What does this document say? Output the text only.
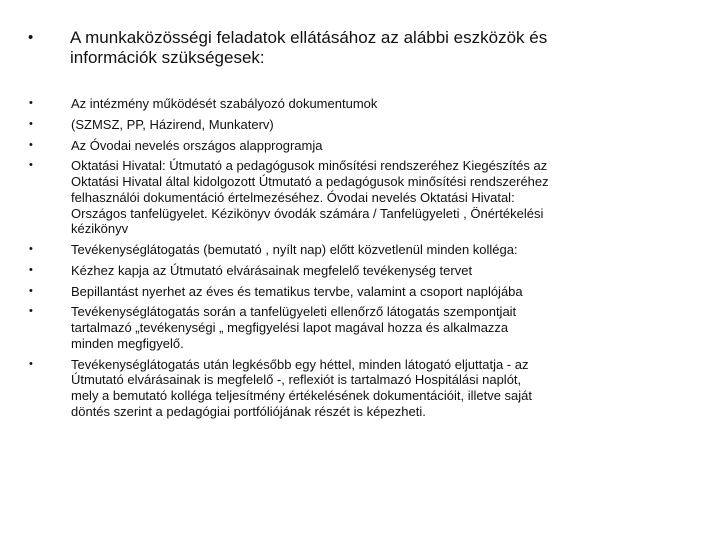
•	A munkaközösségi feladatok ellátásához az alábbi eszközök és
információk szükségesek:
•	Az intézmény működését szabályozó dokumentumok
•	(SZMSZ, PP, Házirend, Munkaterv)
•	Az Óvodai nevelés országos alapprogramja
•	Oktatási Hivatal: Útmutató a pedagógusok minősítési rendszeréhez Kiegészítés az
Oktatási Hivatal által kidolgozott Útmutató a pedagógusok minősítési rendszeréhez
felhasználói dokumentáció értelmezéséhez. Óvodai nevelés Oktatási Hivatal:
Országos tanfelügyelet. Kézikönyv óvodák számára / Tanfelügyeleti , Önértékelési
kézikönyv
•	Tevékenységlátogatás (bemutató , nyílt nap) előtt közvetlenül minden kolléga:
•	Kézhez kapja az Útmutató elvárásainak megfelelő tevékenység tervet
•	Bepillantást nyerhet az éves és tematikus tervbe, valamint a csoport naplójába
•	Tevékenységlátogatás során a tanfelügyeleti ellenőrző látogatás szempontjait
tartalmazó „tevékenységi „ megfigyelési lapot magával hozza és alkalmazza
minden megfigyelő.
•	Tevékenységlátogatás után legkésőbb egy héttel, minden látogató eljuttatja - az
Útmutató elvárásainak is megfelelő -, reflexiót is tartalmazó Hospitálási naplót,
mely a bemutató kolléga teljesítmény értékelésének dokumentációit, illetve saját
döntés szerint a pedagógiai portfóliójának részét is képezheti.
